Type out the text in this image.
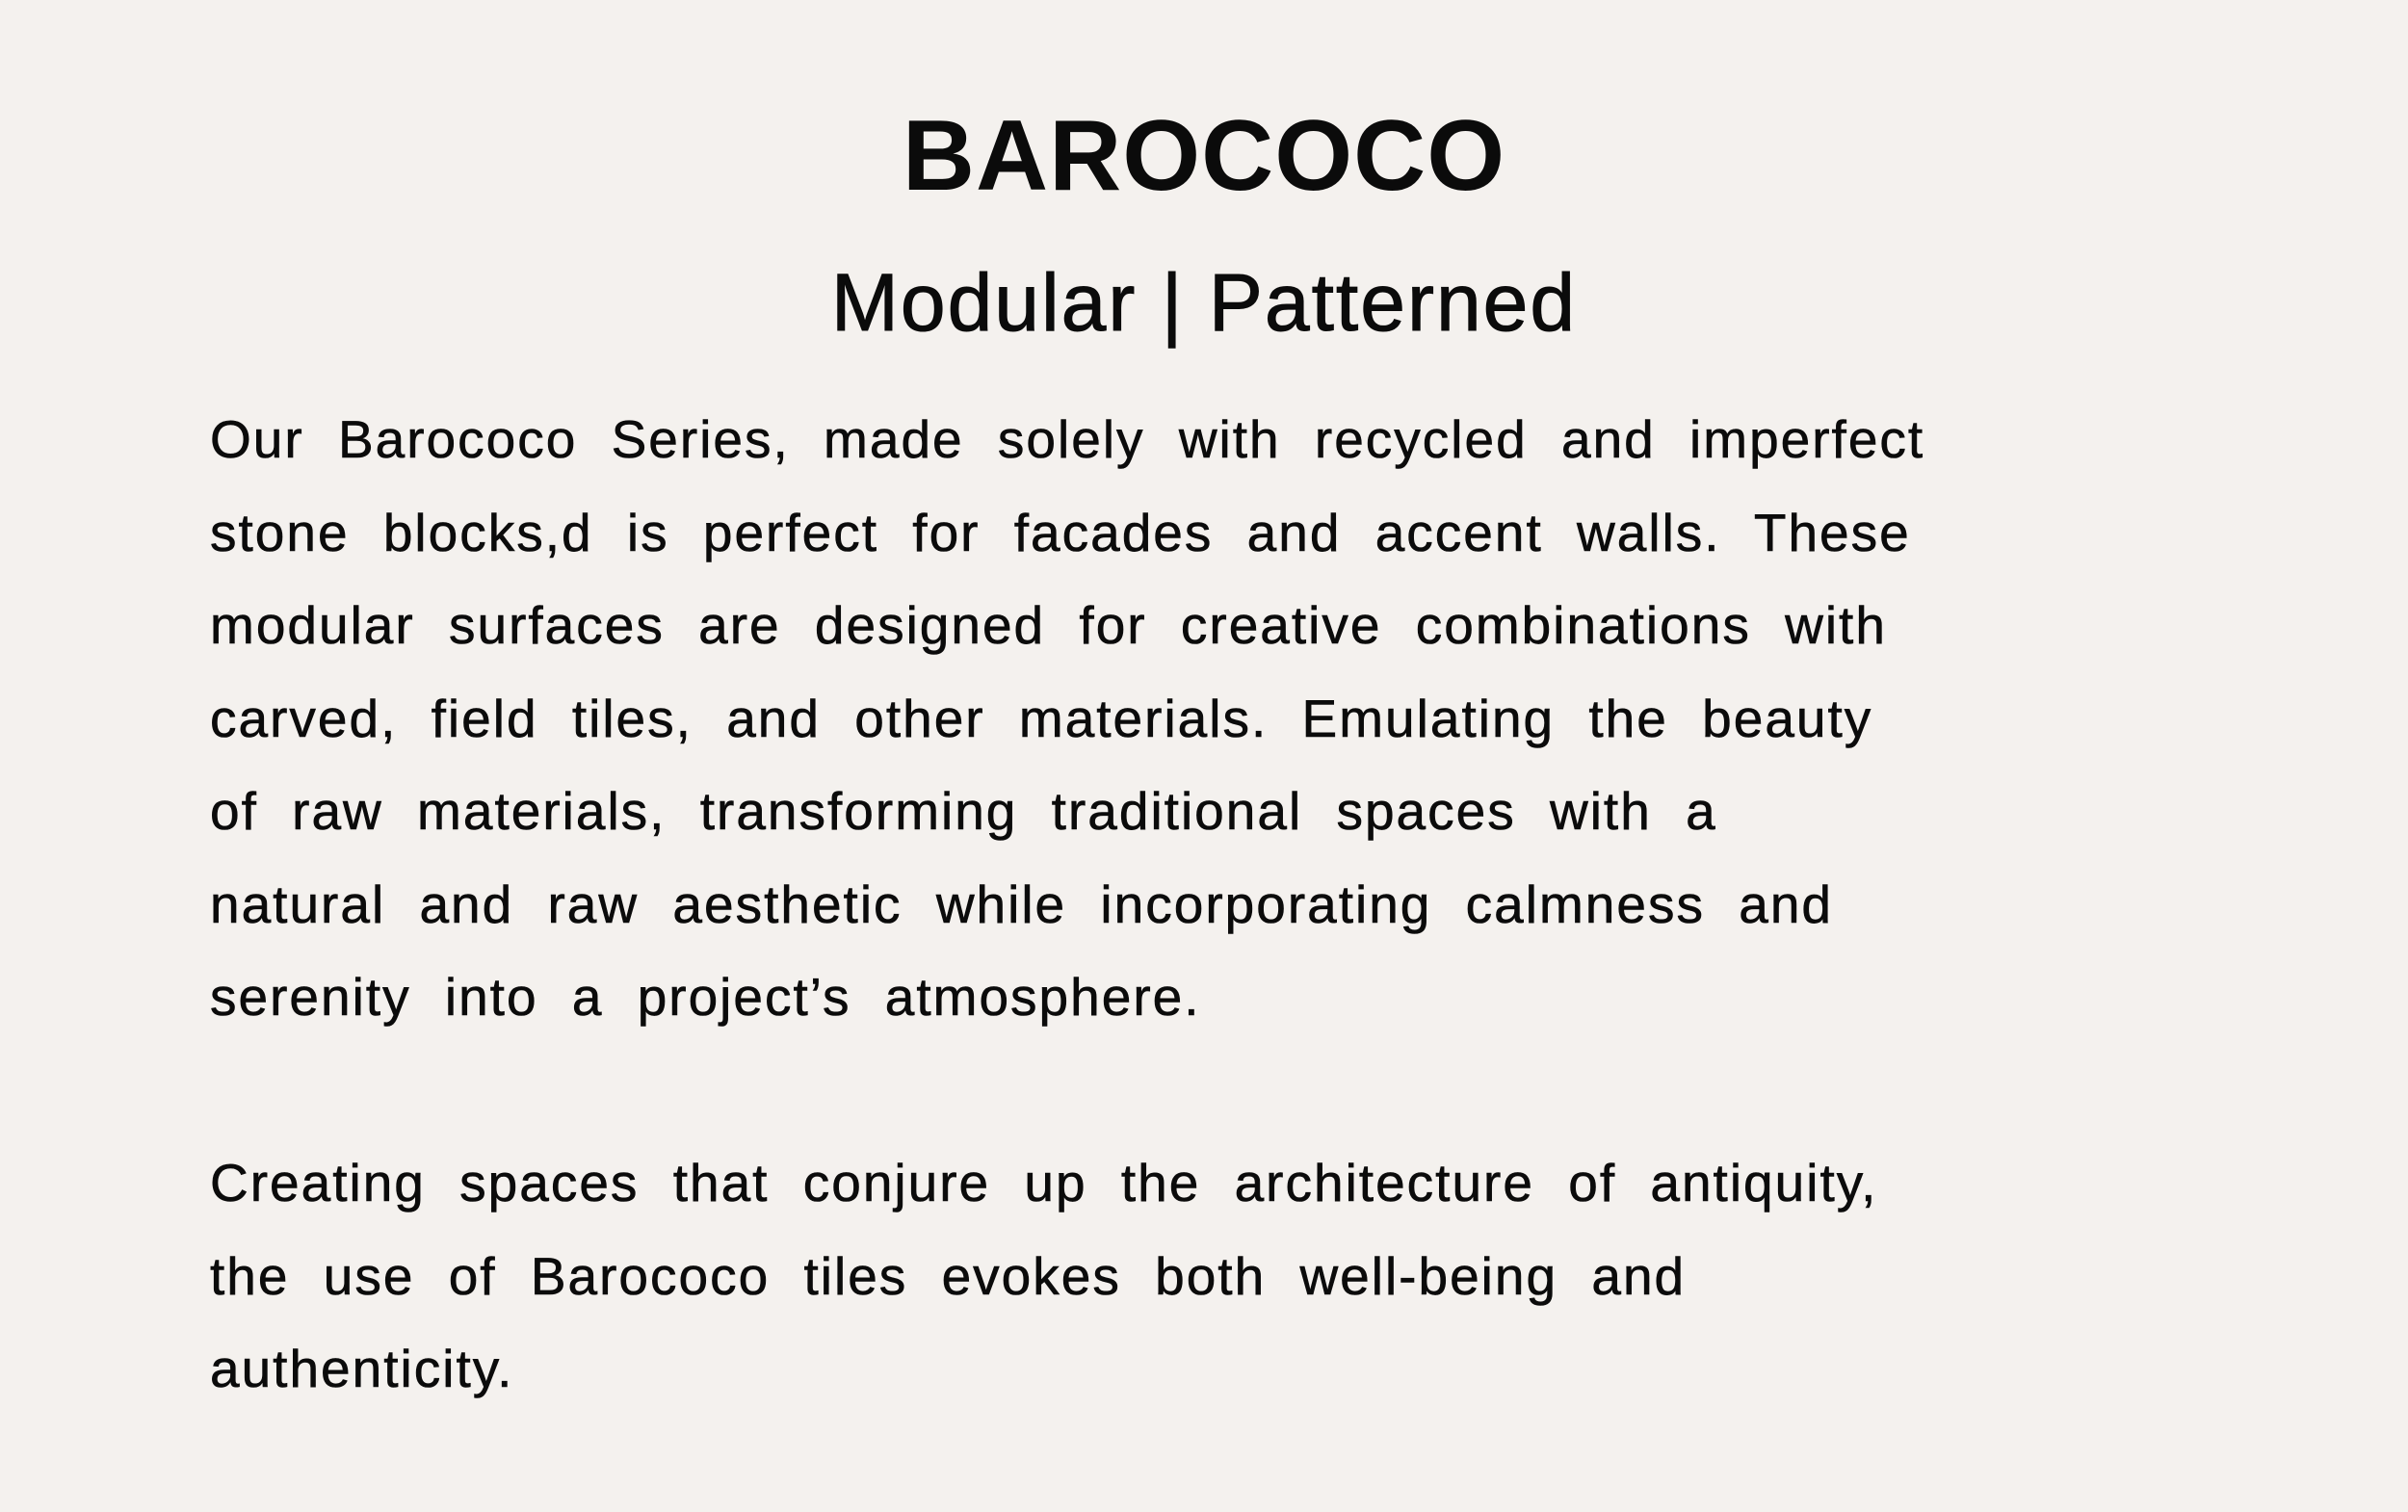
BAROCOCO
Modular | Patterned

Our Barococo Series, made solely with recycled and imperfect
stone blocks,d is perfect for facades and accent walls. These
modular surfaces are designed for creative combinations with
carved, field tiles, and other materials. Emulating the beauty
of raw materials, transforming traditional spaces with a
natural and raw aesthetic while incorporating calmness and
serenity into a project’s atmosphere.

Creating spaces that conjure up the architecture of antiquity,
the use of Barococo tiles evokes both well-being and
authenticity.
